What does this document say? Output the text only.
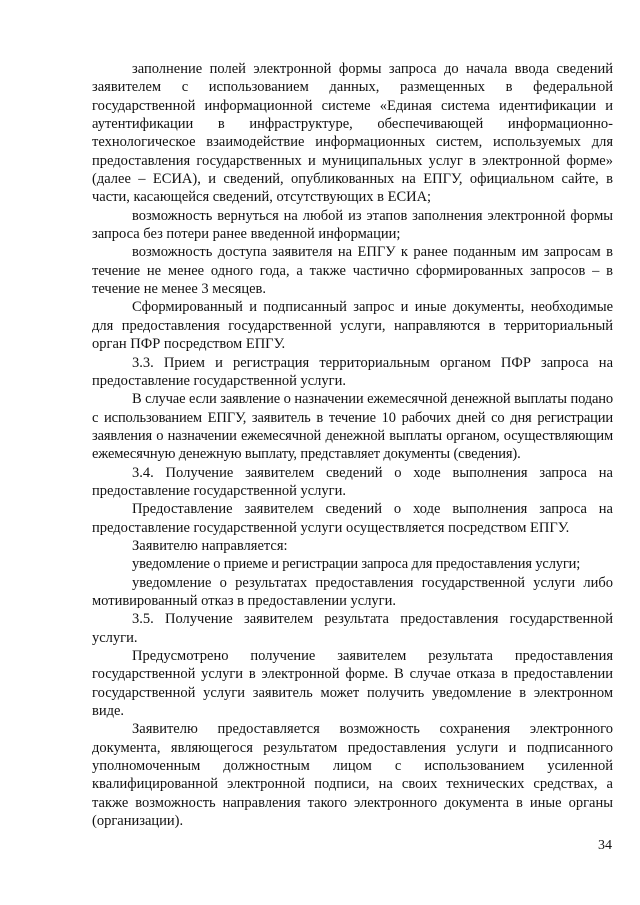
заполнение полей электронной формы запроса до начала ввода сведений заявителем с использованием данных, размещенных в федеральной государственной информационной системе «Единая система идентификации и аутентификации в инфраструктуре, обеспечивающей информационно-технологическое взаимодействие информационных систем, используемых для предоставления государственных и муниципальных услуг в электронной форме» (далее – ЕСИА), и сведений, опубликованных на ЕПГУ, официальном сайте, в части, касающейся сведений, отсутствующих в ЕСИА;

возможность вернуться на любой из этапов заполнения электронной формы запроса без потери ранее введенной информации;

возможность доступа заявителя на ЕПГУ к ранее поданным им запросам в течение не менее одного года, а также частично сформированных запросов – в течение не менее 3 месяцев.

Сформированный и подписанный запрос и иные документы, необходимые для предоставления государственной услуги, направляются в территориальный орган ПФР посредством ЕПГУ.

3.3. Прием и регистрация территориальным органом ПФР запроса на предоставление государственной услуги.

В случае если заявление о назначении ежемесячной денежной выплаты подано с использованием ЕПГУ, заявитель в течение 10 рабочих дней со дня регистрации заявления о назначении ежемесячной денежной выплаты органом, осуществляющим ежемесячную денежную выплату, представляет документы (сведения).

3.4. Получение заявителем сведений о ходе выполнения запроса на предоставление государственной услуги.

Предоставление заявителем сведений о ходе выполнения запроса на предоставление государственной услуги осуществляется посредством ЕПГУ.

Заявителю направляется:

уведомление о приеме и регистрации запроса для предоставления услуги;

уведомление о результатах предоставления государственной услуги либо мотивированный отказ в предоставлении услуги.

3.5. Получение заявителем результата предоставления государственной услуги.

Предусмотрено получение заявителем результата предоставления государственной услуги в электронной форме. В случае отказа в предоставлении государственной услуги заявитель может получить уведомление в электронном виде.

Заявителю предоставляется возможность сохранения электронного документа, являющегося результатом предоставления услуги и подписанного уполномоченным должностным лицом с использованием усиленной квалифицированной электронной подписи, на своих технических средствах, а также возможность направления такого электронного документа в иные органы (организации).

34
